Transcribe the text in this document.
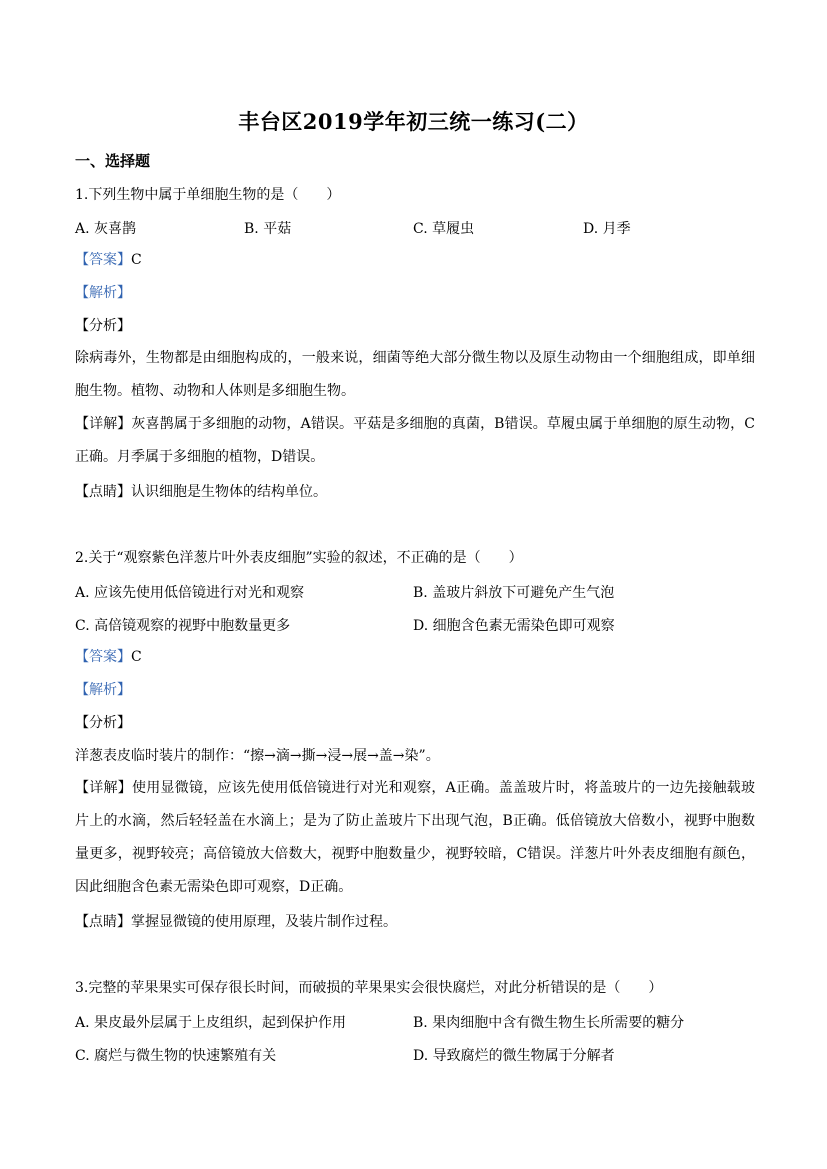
丰台区2019学年初三统一练习(二）
一、选择题
1.下列生物中属于单细胞生物的是（　　）
A. 灰喜鹊	B. 平菇	C. 草履虫	D. 月季
【答案】C
【解析】
【分析】
除病毒外，生物都是由细胞构成的，一般来说，细菌等绝大部分微生物以及原生动物由一个细胞组成，即单细胞生物。植物、动物和人体则是多细胞生物。
【详解】灰喜鹊属于多细胞的动物，A错误。平菇是多细胞的真菌，B错误。草履虫属于单细胞的原生动物，C正确。月季属于多细胞的植物，D错误。
【点睛】认识细胞是生物体的结构单位。
2.关于“观察紫色洋葱片叶外表皮细胞”实验的叙述，不正确的是（　　）
A. 应该先使用低倍镜进行对光和观察	B. 盖玻片斜放下可避免产生气泡
C. 高倍镜观察的视野中胞数量更多	D. 细胞含色素无需染色即可观察
【答案】C
【解析】
【分析】
洋葱表皮临时装片的制作：“擦→滴→撕→浸→展→盖→染”。
【详解】使用显微镜，应该先使用低倍镜进行对光和观察，A正确。盖盖玻片时，将盖玻片的一边先接触载玻片上的水滴，然后轻轻盖在水滴上；是为了防止盖玻片下出现气泡，B正确。低倍镜放大倍数小，视野中胞数量更多，视野较亮；高倍镜放大倍数大，视野中胞数量少，视野较暗，C错误。洋葱片叶外表皮细胞有颜色，因此细胞含色素无需染色即可观察，D正确。
【点睛】掌握显微镜的使用原理，及装片制作过程。
3.完整的苹果果实可保存很长时间，而破损的苹果果实会很快腐烂，对此分析错误的是（　　）
A. 果皮最外层属于上皮组织，起到保护作用	B. 果肉细胞中含有微生物生长所需要的糖分
C. 腐烂与微生物的快速繁殖有关	D. 导致腐烂的微生物属于分解者
